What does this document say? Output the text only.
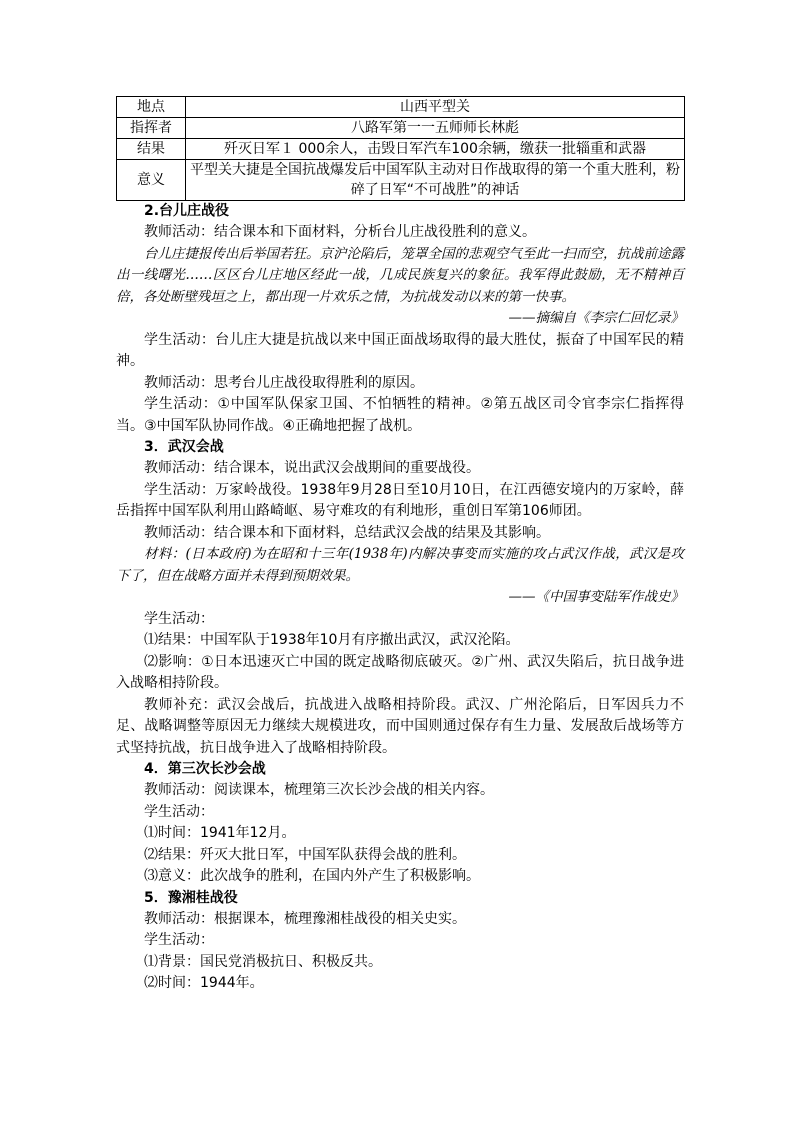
地点	山西平型关
指挥者	八路军第一一五师师长林彪
结果	歼灭日军１ 000余人，击毁日军汽车100余辆，缴获一批辎重和武器
意义	平型关大捷是全国抗战爆发后中国军队主动对日作战取得的第一个重大胜利，粉碎了日军“不可战胜”的神话

2.台儿庄战役

教师活动：结合课本和下面材料，分析台儿庄战役胜利的意义。

台儿庄捷报传出后举国若狂。京沪沦陷后，笼罩全国的悲观空气至此一扫而空，抗战前途露出一线曙光……区区台儿庄地区经此一战，几成民族复兴的象征。我军得此鼓励，无不精神百倍，各处断壁残垣之上，都出现一片欢乐之情，为抗战发动以来的第一快事。

——摘编自《李宗仁回忆录》

学生活动：台儿庄大捷是抗战以来中国正面战场取得的最大胜仗，振奋了中国军民的精神。

教师活动：思考台儿庄战役取得胜利的原因。

学生活动：①中国军队保家卫国、不怕牺牲的精神。②第五战区司令官李宗仁指挥得当。③中国军队协同作战。④正确地把握了战机。

3．武汉会战

教师活动：结合课本，说出武汉会战期间的重要战役。

学生活动：万家岭战役。1938年9月28日至10月10日，在江西德安境内的万家岭，薛岳指挥中国军队利用山路崎岖、易守难攻的有利地形，重创日军第106师团。

教师活动：结合课本和下面材料，总结武汉会战的结果及其影响。

材料：(日本政府)为在昭和十三年(1938年)内解决事变而实施的攻占武汉作战，武汉是攻下了，但在战略方面并未得到预期效果。

——《中国事变陆军作战史》

学生活动：

⑴结果：中国军队于1938年10月有序撤出武汉，武汉沦陷。

⑵影响：①日本迅速灭亡中国的既定战略彻底破灭。②广州、武汉失陷后，抗日战争进入战略相持阶段。

教师补充：武汉会战后，抗战进入战略相持阶段。武汉、广州沦陷后，日军因兵力不足、战略调整等原因无力继续大规模进攻，而中国则通过保存有生力量、发展敌后战场等方式坚持抗战，抗日战争进入了战略相持阶段。

4．第三次长沙会战

教师活动：阅读课本，梳理第三次长沙会战的相关内容。

学生活动：

⑴时间：1941年12月。

⑵结果：歼灭大批日军，中国军队获得会战的胜利。

⑶意义：此次战争的胜利，在国内外产生了积极影响。

5．豫湘桂战役

教师活动：根据课本，梳理豫湘桂战役的相关史实。

学生活动：

⑴背景：国民党消极抗日、积极反共。

⑵时间：1944年。
